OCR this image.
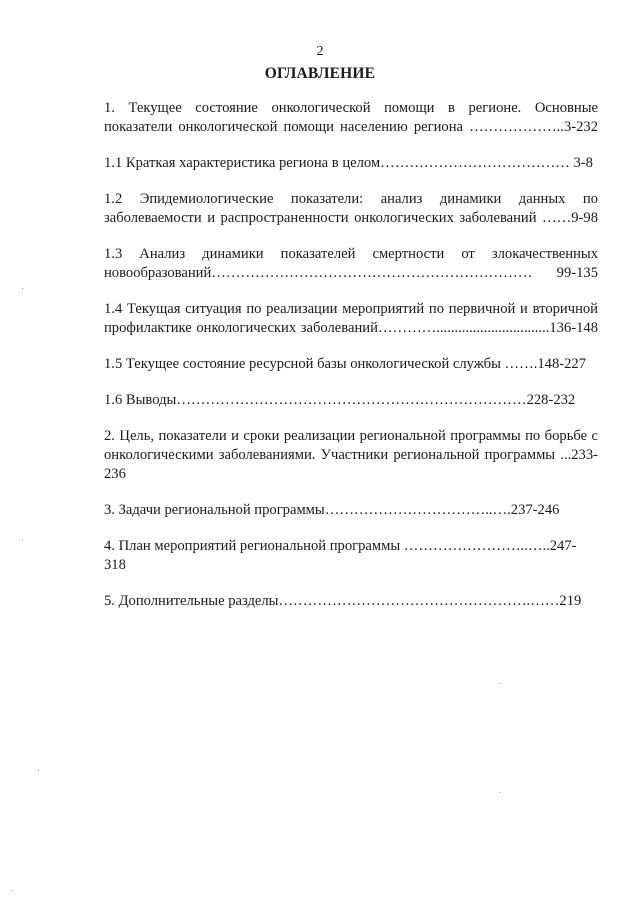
2
ОГЛАВЛЕНИЕ

1. Текущее состояние онкологической помощи в регионе. Основные показатели онкологической помощи населению региона ………………..3-232

1.1 Краткая характеристика региона в целом………………………………… 3-8

1.2 Эпидемиологические показатели: анализ динамики данных по заболеваемости и распространенности онкологических заболеваний ……9-98

1.3 Анализ динамики показателей смертности от злокачественных новообразований………………………………………………………… 99-135

1.4 Текущая ситуация по реализации мероприятий по первичной и вторичной профилактике онкологических заболеваний…………...............................136-148

1.5 Текущее состояние ресурсной базы онкологической службы …….148-227

1.6 Выводы………………………………………………………………228-232

2. Цель, показатели и сроки реализации региональной программы по борьбе с онкологическими заболеваниями. Участники региональной программы ...233-236

3. Задачи региональной программы……………………………..….237-246

4. План мероприятий региональной программы ……………………..…..247-318

5. Дополнительные разделы…………………………………………….……219
